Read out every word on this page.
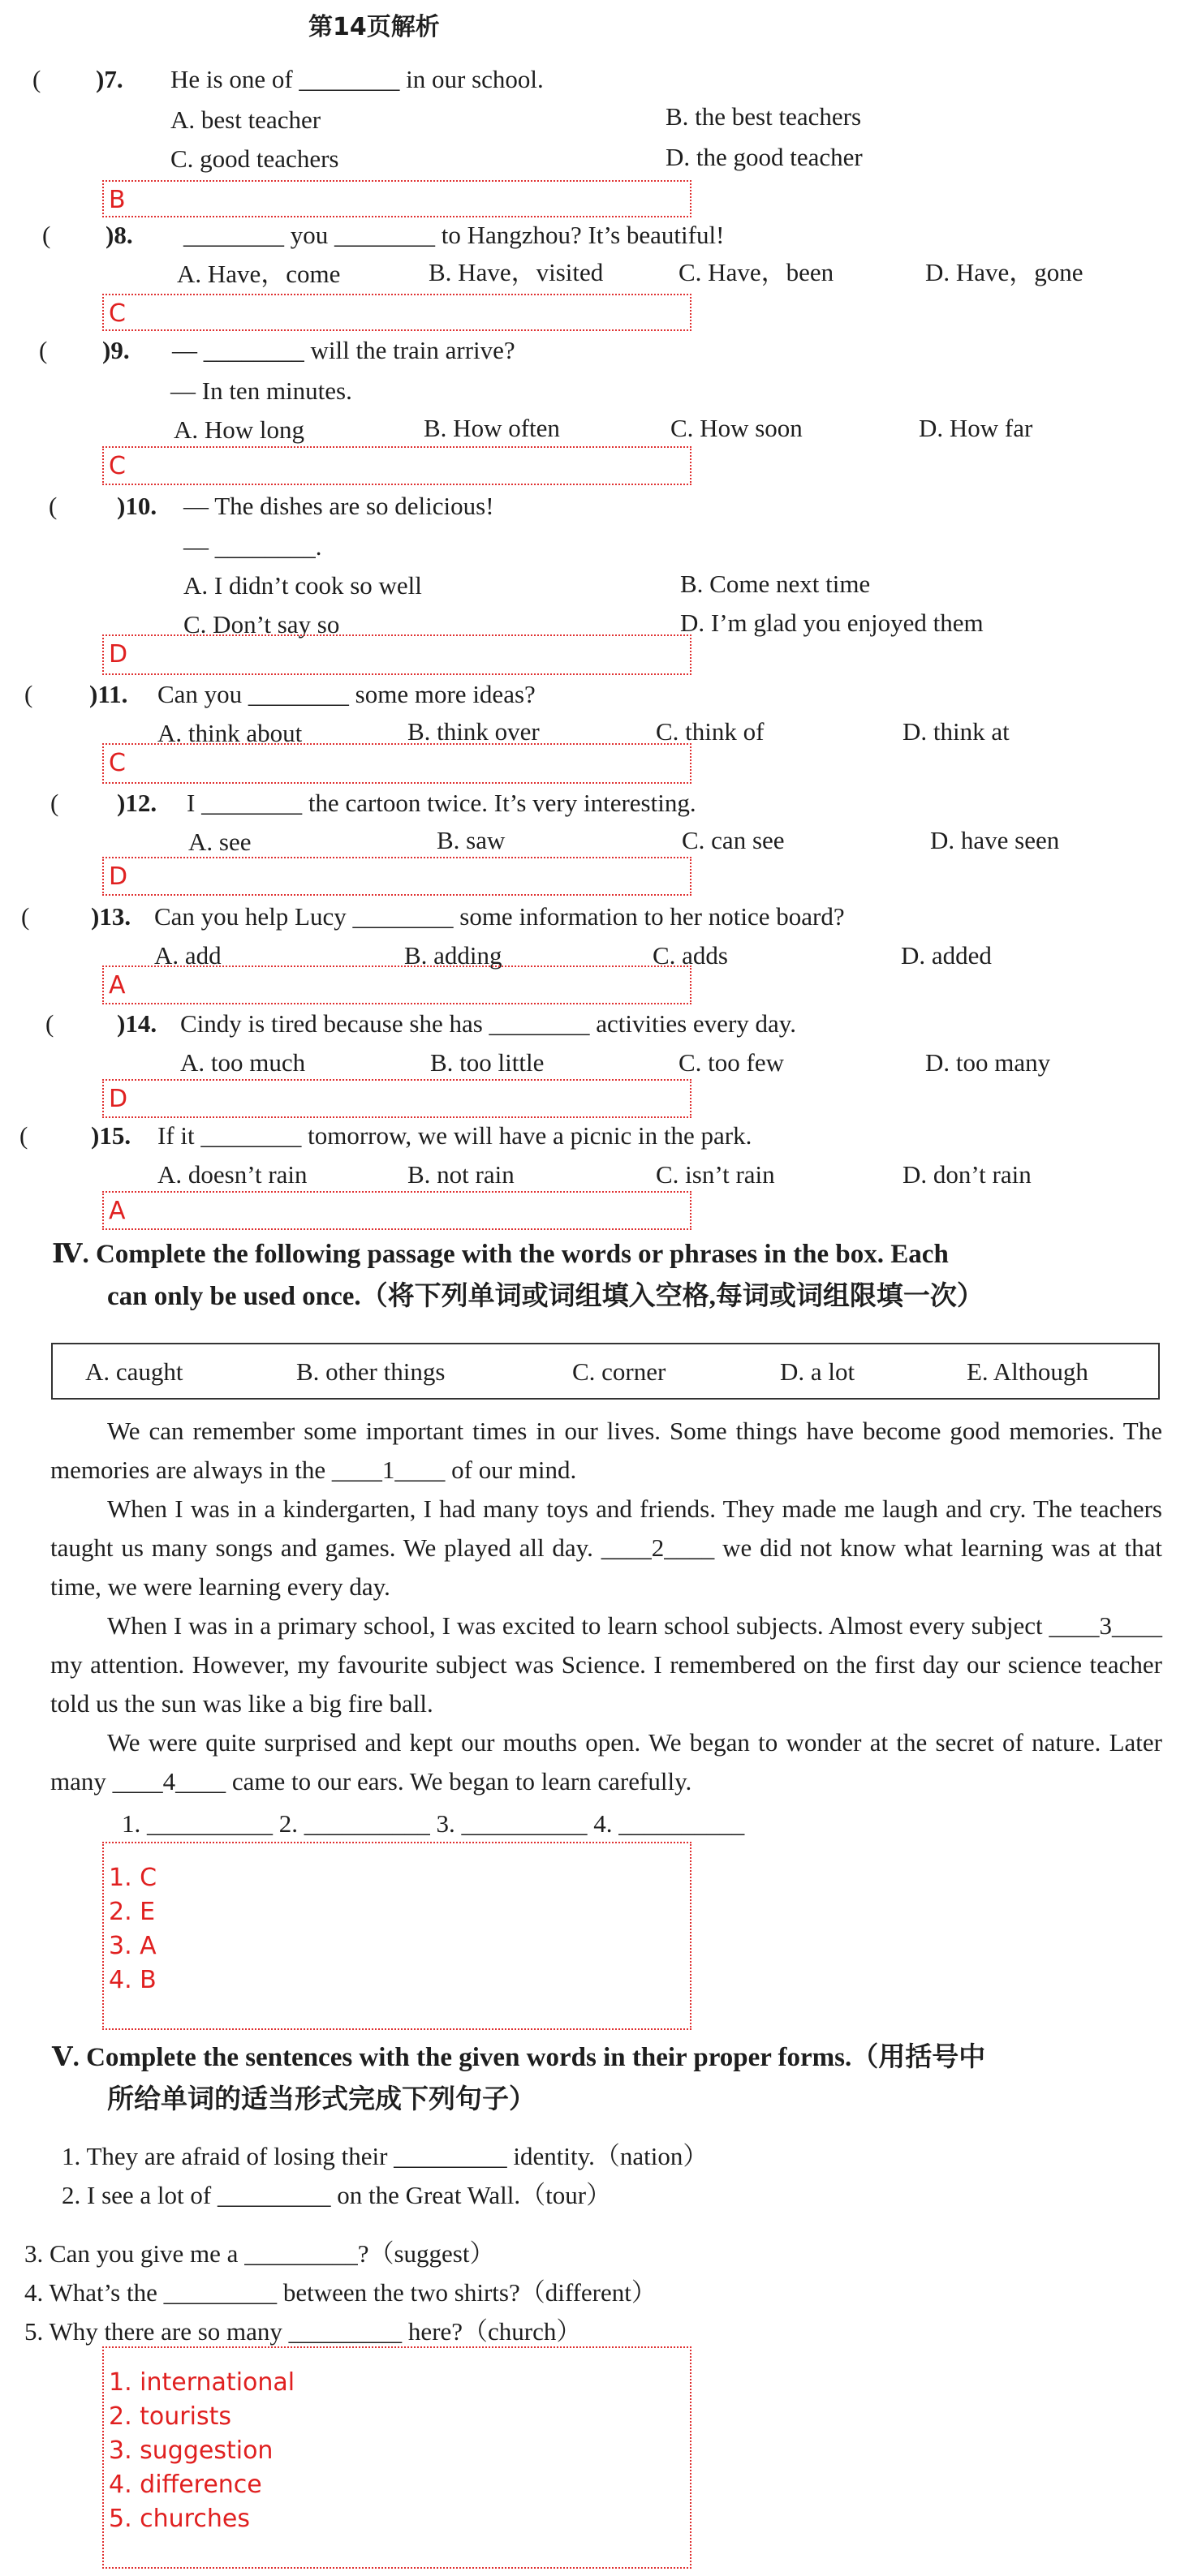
第14页解析
( )7. He is one of ________ in our school.
A. best teacher	B. the best teachers
C. good teachers	D. the good teacher
B
( )8. ________ you ________ to Hangzhou? It’s beautiful!
A. Have，come	B. Have，visited	C. Have，been	D. Have，gone
C
( )9. — ________ will the train arrive?
— In ten minutes.
A. How long	B. How often	C. How soon	D. How far
C
( )10. — The dishes are so delicious!
— ________.
A. I didn’t cook so well	B. Come next time
C. Don’t say so	D. I’m glad you enjoyed them
D
( )11. Can you ________ some more ideas?
A. think about	B. think over	C. think of	D. think at
C
( )12. I ________ the cartoon twice. It’s very interesting.
A. see	B. saw	C. can see	D. have seen
D
( )13. Can you help Lucy ________ some information to her notice board?
A. add	B. adding	C. adds	D. added
A
(	)14. Cindy is tired because she has ________ activities every day.
A. too much	B. too little	C. too few	D. too many
D
(	)15. If it ________ tomorrow, we will have a picnic in the park.
A. doesn’t rain	B. not rain	C. isn’t rain	D. don’t rain
A
Ⅳ. Complete the following passage with the words or phrases in the box. Each
can only be used once.（将下列单词或词组填入空格,每词或词组限填一次）
A. caught	B. other things	C. corner	D. a lot	E. Although
We can remember some important times in our lives. Some things have become good memories. The memories are always in the ____1____ of our mind.
When I was in a kindergarten, I had many toys and friends. They made me laugh and cry. The teachers taught us many songs and games. We played all day. ____2____ we did not know what learning was at that time, we were learning every day.
When I was in a primary school, I was excited to learn school subjects. Almost every subject ____3____ my attention. However, my favourite subject was Science. I remembered on the first day our science teacher told us the sun was like a big fire ball.
We were quite surprised and kept our mouths open. We began to wonder at the secret of nature. Later many ____4____ came to our ears. We began to learn carefully.
1. __________ 2. __________ 3. __________ 4. __________
1. C
2. E
3. A
4. B
Ⅴ. Complete the sentences with the given words in their proper forms.（用括号中
所给单词的适当形式完成下列句子）
1. They are afraid of losing their _________ identity.（nation）
2. I see a lot of _________ on the Great Wall.（tour）
3. Can you give me a _________?（suggest）
4. What’s the _________ between the two shirts?（different）
5. Why there are so many _________ here?（church）
1. international
2. tourists
3. suggestion
4. difference
5. churches
